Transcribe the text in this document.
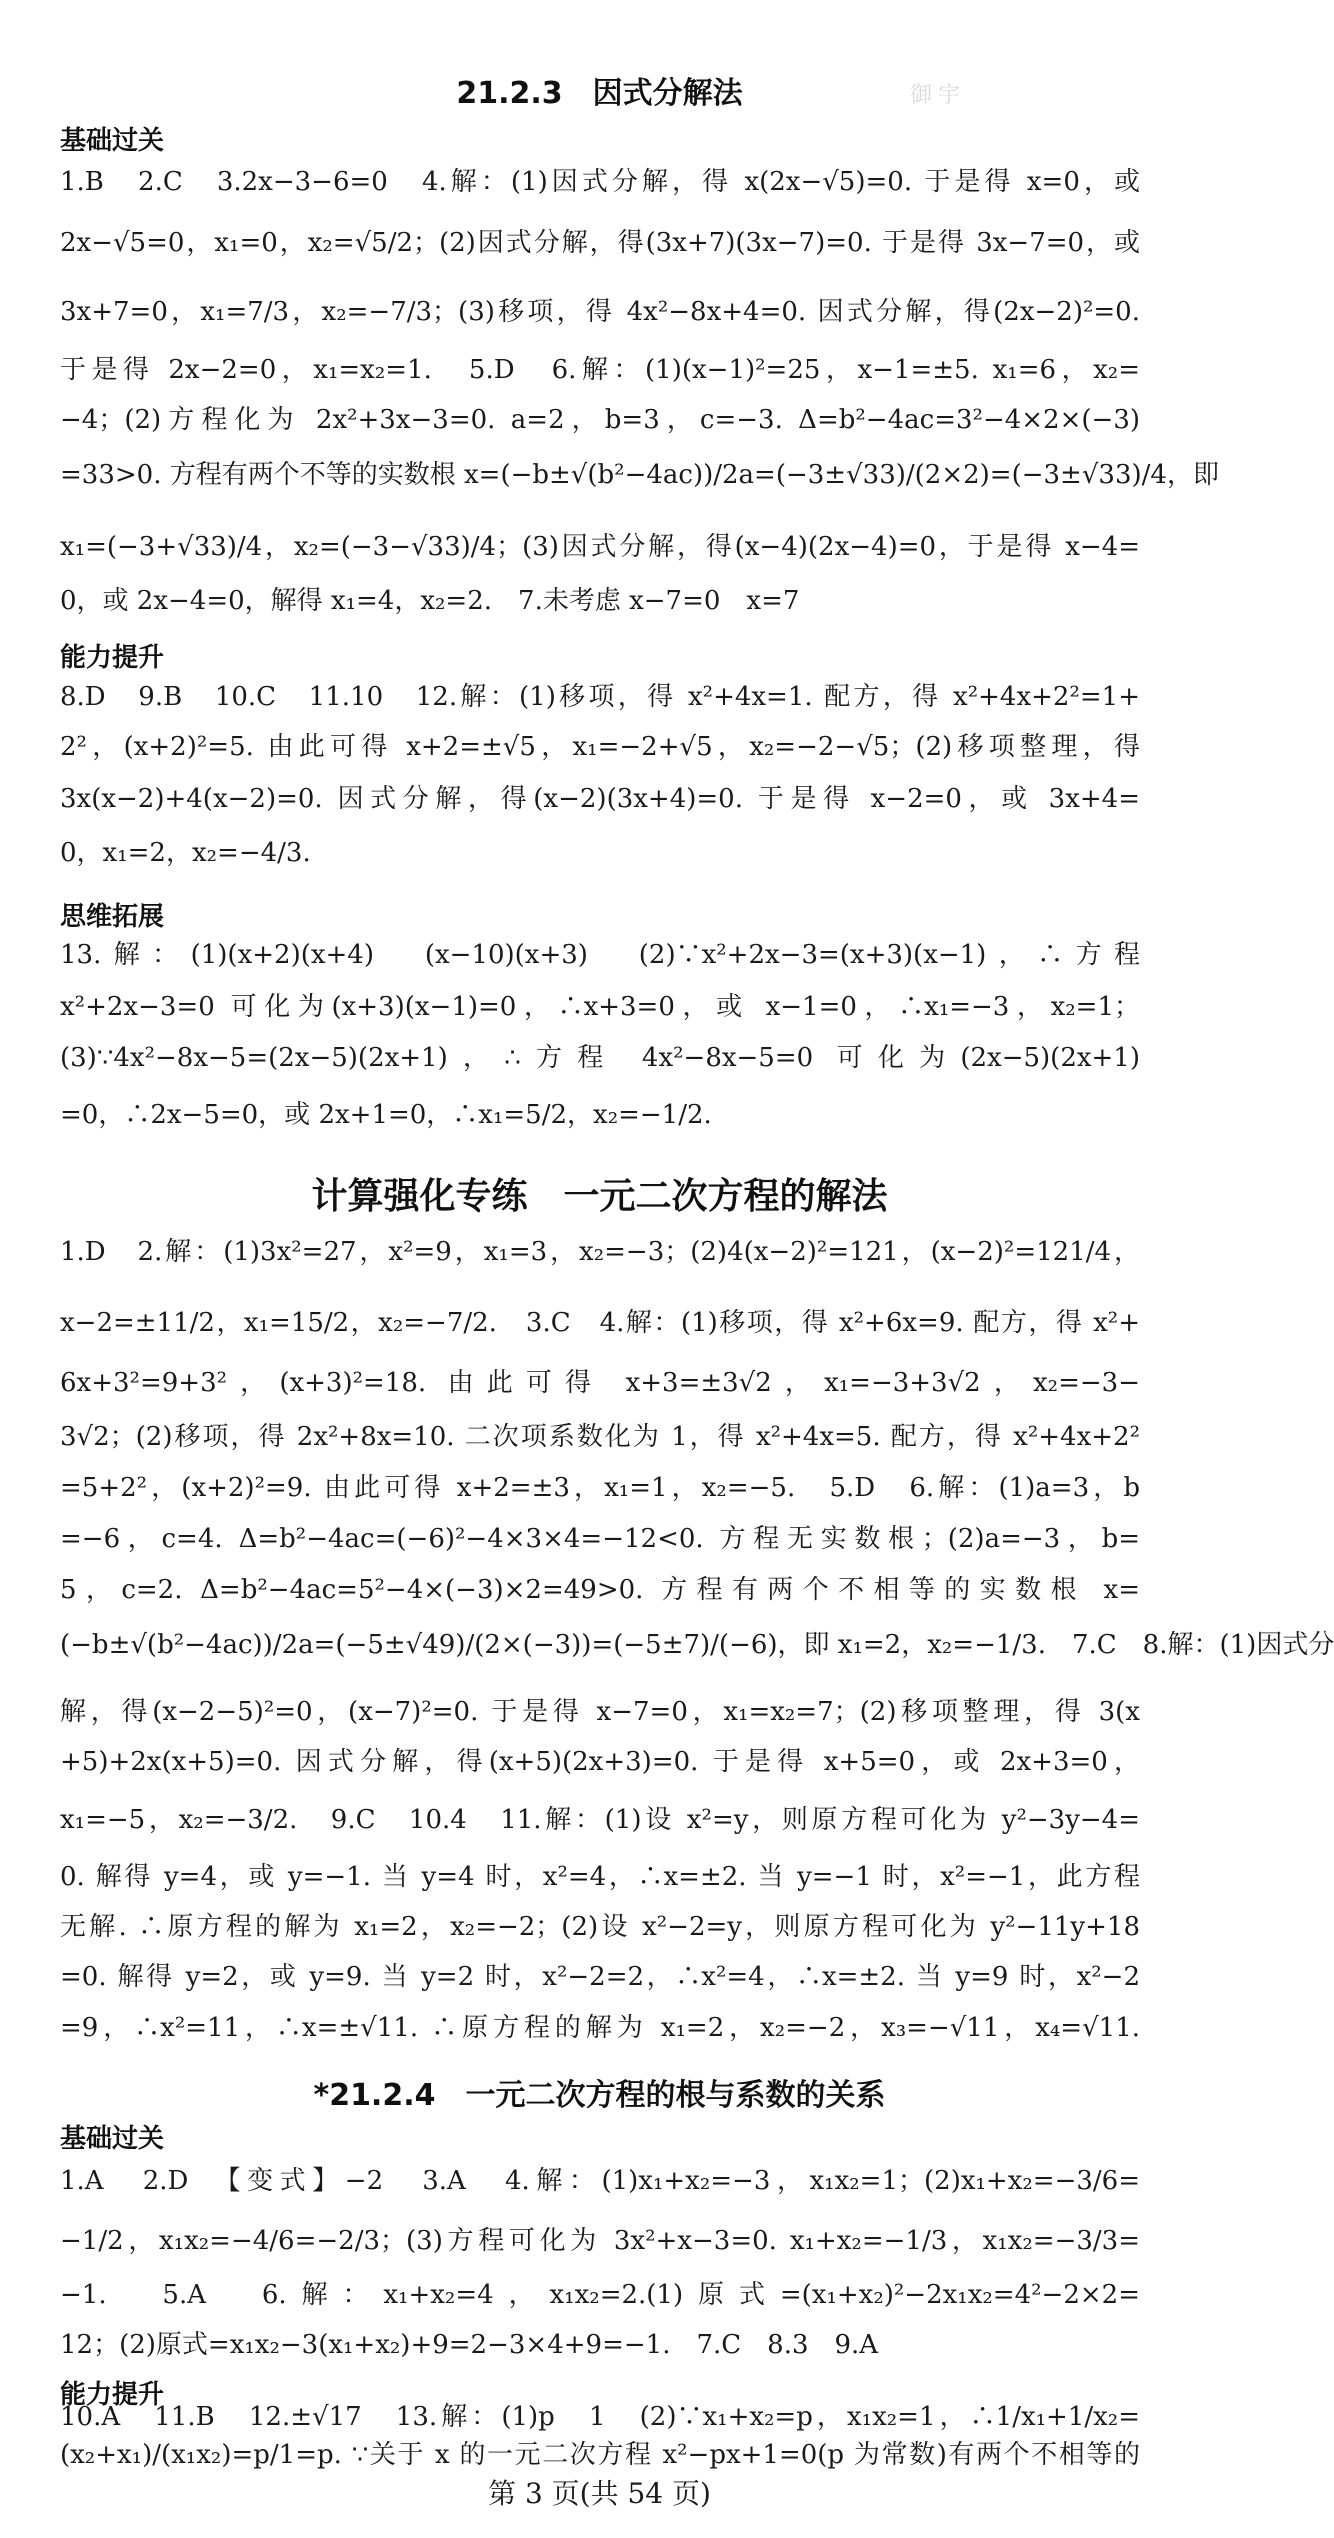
御宇
21.2.3　因式分解法
基础过关
1.B　2.C　3.2x−3−6=0　4.解：(1)因式分解，得 x(2x−√5)=0. 于是得 x=0，或
2x−√5=0，x₁=0，x₂=√5/2；(2)因式分解，得(3x+7)(3x−7)=0. 于是得 3x−7=0，或
3x+7=0，x₁=7/3，x₂=−7/3；(3)移项，得 4x²−8x+4=0. 因式分解，得(2x−2)²=0.
于是得 2x−2=0，x₁=x₂=1.　5.D　6.解：(1)(x−1)²=25，x−1=±5. x₁=6，x₂=
−4；(2)方程化为 2x²+3x−3=0. a=2，b=3，c=−3. Δ=b²−4ac=3²−4×2×(−3)
=33>0. 方程有两个不等的实数根 x=(−b±√(b²−4ac))/2a=(−3±√33)/(2×2)=(−3±√33)/4，即
x₁=(−3+√33)/4，x₂=(−3−√33)/4；(3)因式分解，得(x−4)(2x−4)=0，于是得 x−4=
0，或 2x−4=0，解得 x₁=4，x₂=2.　7.未考虑 x−7=0　x=7
能力提升
8.D　9.B　10.C　11.10　12.解：(1)移项，得 x²+4x=1. 配方，得 x²+4x+2²=1+
2²，(x+2)²=5. 由此可得 x+2=±√5，x₁=−2+√5，x₂=−2−√5；(2)移项整理，得
3x(x−2)+4(x−2)=0. 因式分解，得(x−2)(3x+4)=0. 于是得 x−2=0，或 3x+4=
0，x₁=2，x₂=−4/3.
思维拓展
13.解：(1)(x+2)(x+4)　(x−10)(x+3)　(2)∵x²+2x−3=(x+3)(x−1)，∴方程
x²+2x−3=0 可化为(x+3)(x−1)=0，∴x+3=0，或 x−1=0，∴x₁=−3，x₂=1；
(3)∵4x²−8x−5=(2x−5)(2x+1)，∴方程 4x²−8x−5=0 可化为(2x−5)(2x+1)
=0，∴2x−5=0，或 2x+1=0，∴x₁=5/2，x₂=−1/2.
计算强化专练　一元二次方程的解法
1.D　2.解：(1)3x²=27，x²=9，x₁=3，x₂=−3；(2)4(x−2)²=121，(x−2)²=121/4，
x−2=±11/2，x₁=15/2，x₂=−7/2.　3.C　4.解：(1)移项，得 x²+6x=9. 配方，得 x²+
6x+3²=9+3²，(x+3)²=18. 由此可得 x+3=±3√2，x₁=−3+3√2，x₂=−3−
3√2；(2)移项，得 2x²+8x=10. 二次项系数化为 1，得 x²+4x=5. 配方，得 x²+4x+2²
=5+2²，(x+2)²=9. 由此可得 x+2=±3，x₁=1，x₂=−5.　5.D　6.解：(1)a=3，b
=−6，c=4. Δ=b²−4ac=(−6)²−4×3×4=−12<0. 方程无实数根；(2)a=−3，b=
5，c=2. Δ=b²−4ac=5²−4×(−3)×2=49>0. 方程有两个不相等的实数根 x=
(−b±√(b²−4ac))/2a=(−5±√49)/(2×(−3))=(−5±7)/(−6)，即 x₁=2，x₂=−1/3.　7.C　8.解：(1)因式分
解，得(x−2−5)²=0，(x−7)²=0. 于是得 x−7=0，x₁=x₂=7；(2)移项整理，得 3(x
+5)+2x(x+5)=0. 因式分解，得(x+5)(2x+3)=0. 于是得 x+5=0，或 2x+3=0，
x₁=−5，x₂=−3/2.　9.C　10.4　11.解：(1)设 x²=y，则原方程可化为 y²−3y−4=
0. 解得 y=4，或 y=−1. 当 y=4 时，x²=4，∴x=±2. 当 y=−1 时，x²=−1，此方程
无解. ∴原方程的解为 x₁=2，x₂=−2；(2)设 x²−2=y，则原方程可化为 y²−11y+18
=0. 解得 y=2，或 y=9. 当 y=2 时，x²−2=2，∴x²=4，∴x=±2. 当 y=9 时，x²−2
=9，∴x²=11，∴x=±√11. ∴原方程的解为 x₁=2，x₂=−2，x₃=−√11，x₄=√11.
*21.2.4　一元二次方程的根与系数的关系
基础过关
1.A　2.D　【变式】−2　3.A　4.解：(1)x₁+x₂=−3，x₁x₂=1；(2)x₁+x₂=−3/6=
−1/2，x₁x₂=−4/6=−2/3；(3)方程可化为 3x²+x−3=0. x₁+x₂=−1/3，x₁x₂=−3/3=
−1.　5.A　6.解：x₁+x₂=4，x₁x₂=2.(1)原式=(x₁+x₂)²−2x₁x₂=4²−2×2=
12；(2)原式=x₁x₂−3(x₁+x₂)+9=2−3×4+9=−1.　7.C　8.3　9.A
能力提升
10.A　11.B　12.±√17　13.解：(1)p　1　(2)∵x₁+x₂=p，x₁x₂=1，∴1/x₁+1/x₂=
(x₂+x₁)/(x₁x₂)=p/1=p. ∵关于 x 的一元二次方程 x²−px+1=0(p 为常数)有两个不相等的
第 3 页(共 54 页)
